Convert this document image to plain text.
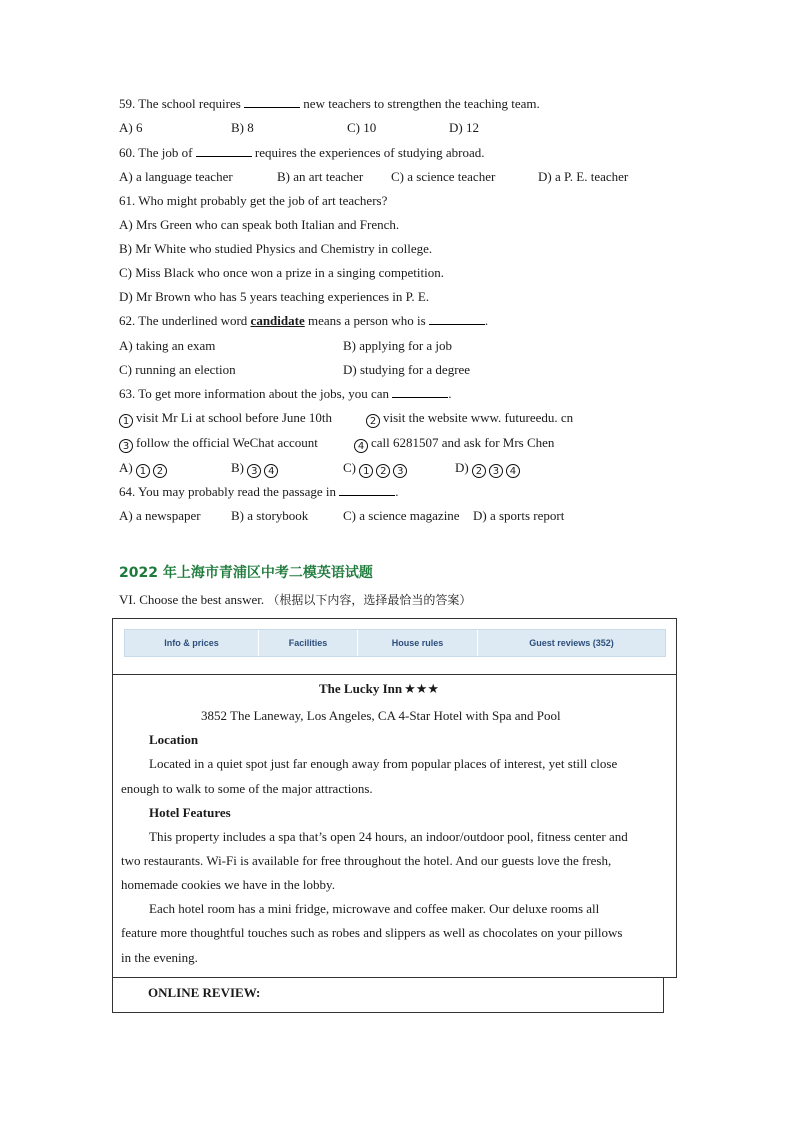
59. The school requires	new teachers to strengthen the teaching team.
A) 6	B) 8	C) 10	D) 12
60. The job of	requires the experiences of studying abroad.
A) a language teacher	B) an art teacher C) a science teacher	D) a P. E. teacher
61. Who might probably get the job of art teachers?
A) Mrs Green who can speak both Italian and French.
B) Mr White who studied Physics and Chemistry in college.
C) Miss Black who once won a prize in a singing competition.
D) Mr Brown who has 5 years teaching experiences in P. E.
62. The underlined word candidate means a person who is	.
A) taking an exam	B) applying for a job
C) running an election	D) studying for a degree
63. To get more information about the jobs, you can	.
1 visit Mr Li at school before June 10th	2 visit the website www. futureedu. cn
3 follow the official WeChat account	4 call 6281507 and ask for Mrs Chen
A) 1 2	B) 3 4	C) 1 2 3	D) 2 3 4
64. You may probably read the passage in	.
A) a newspaper B) a storybook	C) a science magazine D) a sports report
2022 年上海市青浦区中考二模英语试题
VI. Choose the best answer. （根据以下内容，选择最恰当的答案）
Info & prices	Facilities	House rules	Guest reviews (352)
The Lucky Inn ★★★
3852 The Laneway, Los Angeles, CA 4-Star Hotel with Spa and Pool
Location
Located in a quiet spot just far enough away from popular places of interest, yet still close
enough to walk to some of the major attractions.
Hotel Features
This property includes a spa that’s open 24 hours, an indoor/outdoor pool, fitness center and
two restaurants. Wi-Fi is available for free throughout the hotel. And our guests love the fresh,
homemade cookies we have in the lobby.
Each hotel room has a mini fridge, microwave and coffee maker. Our deluxe rooms all
feature more thoughtful touches such as robes and slippers as well as chocolates on your pillows
in the evening.
ONLINE REVIEW:
